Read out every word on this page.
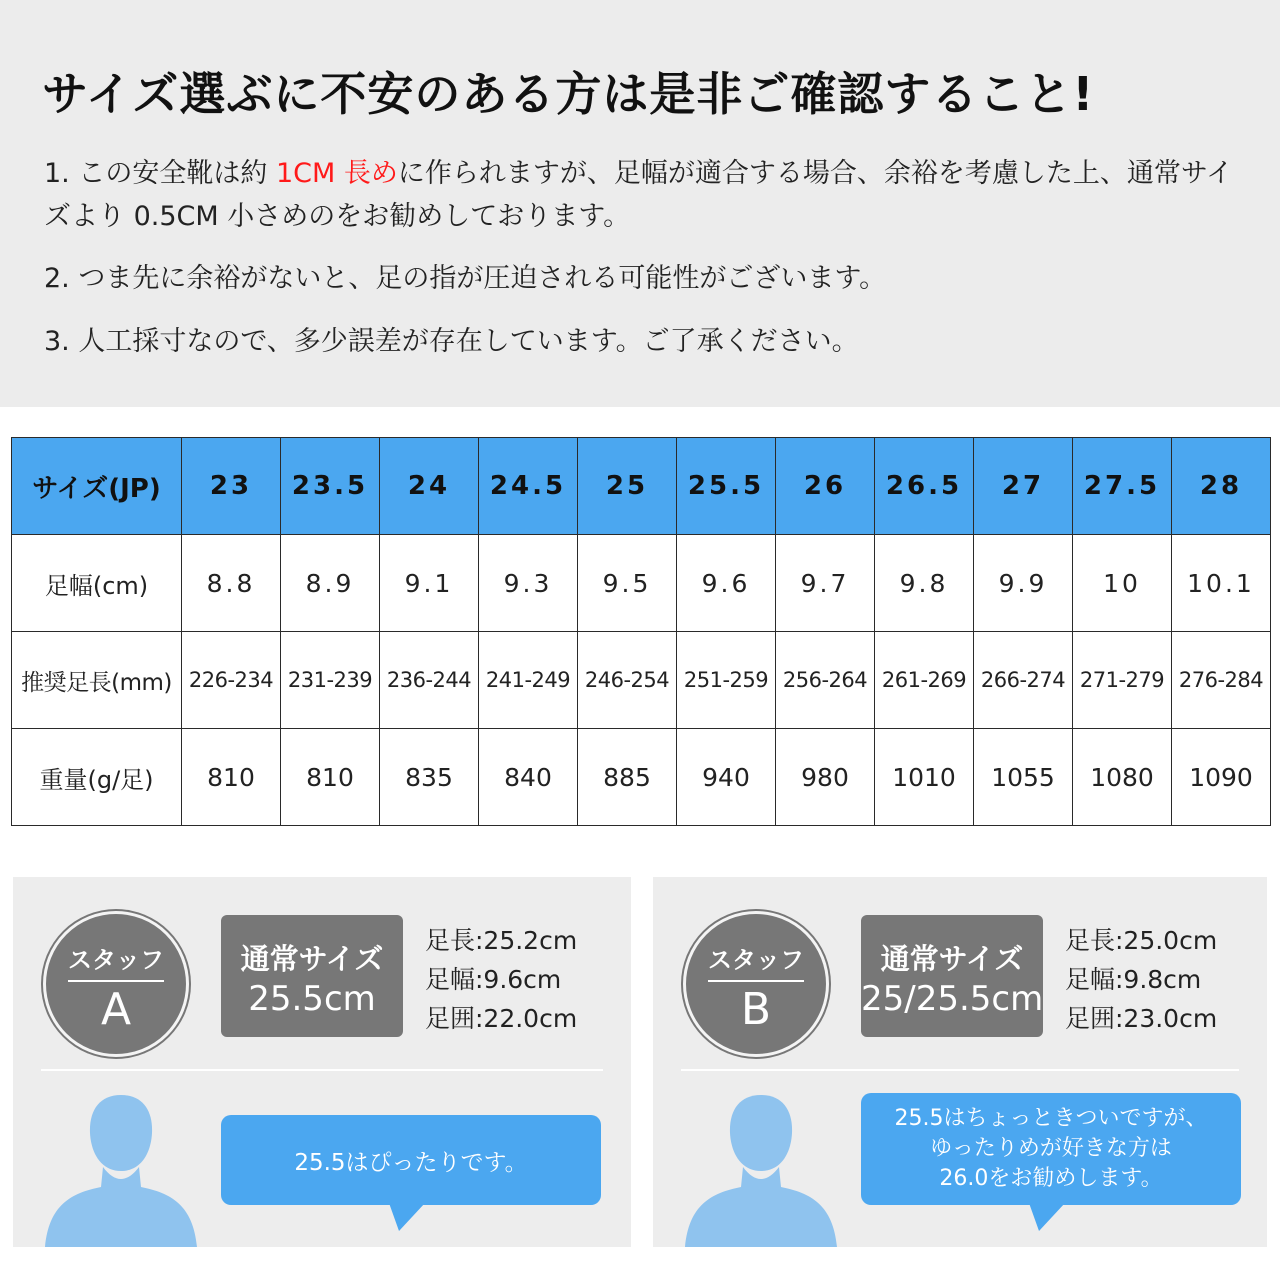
サイズ選ぶに不安のある方は是非ご確認すること!
1. この安全靴は約 1CM 長めに作られますが、足幅が適合する場合、余裕を考慮した上、通常サイズより 0.5CM 小さめのをお勧めしております。
2. つま先に余裕がないと、足の指が圧迫される可能性がございます。
3. 人工採寸なので、多少誤差が存在しています。ご了承ください。
サイズ(JP)	23	23.5	24	24.5	25	25.5	26	26.5	27	27.5	28
足幅(cm)	8.8	8.9	9.1	9.3	9.5	9.6	9.7	9.8	9.9	10	10.1
推奨足長(mm)	226-234	231-239	236-244	241-249	246-254	251-259	256-264	261-269	266-274	271-279	276-284
重量(g/足)	810	810	835	840	885	940	980	1010	1055	1080	1090
スタッフ
A
通常サイズ
25.5cm
足長:25.2cm
足幅:9.6cm
足囲:22.0cm
25.5はぴったりです。
スタッフ
B
通常サイズ
25/25.5cm
足長:25.0cm
足幅:9.8cm
足囲:23.0cm
25.5はちょっときついですが、
ゆったりめが好きな方は
26.0をお勧めします。
